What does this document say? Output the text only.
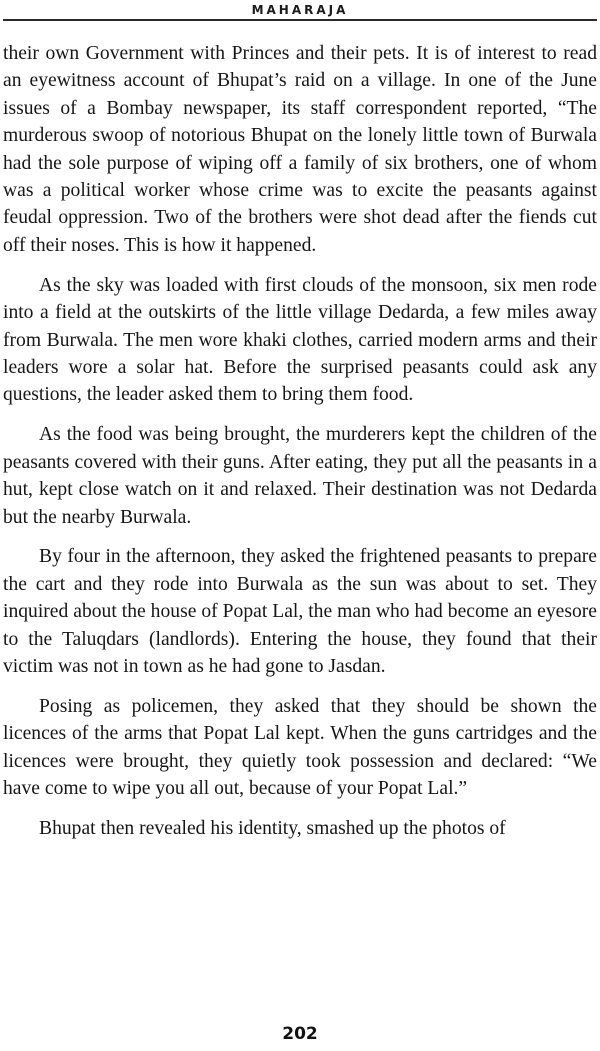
MAHARAJA

their own Government with Princes and their pets. It is of interest to read an eyewitness account of Bhupat’s raid on a village. In one of the June issues of a Bombay newspaper, its staff correspondent reported, “The murderous swoop of notorious Bhupat on the lonely little town of Burwala had the sole purpose of wiping off a family of six brothers, one of whom was a political worker whose crime was to excite the peasants against feudal oppression. Two of the brothers were shot dead after the fiends cut off their noses. This is how it happened.

As the sky was loaded with first clouds of the monsoon, six men rode into a field at the outskirts of the little village Dedarda, a few miles away from Burwala. The men wore khaki clothes, carried modern arms and their leaders wore a solar hat. Before the surprised peasants could ask any questions, the leader asked them to bring them food.

As the food was being brought, the murderers kept the children of the peasants covered with their guns. After eating, they put all the peasants in a hut, kept close watch on it and relaxed. Their destination was not Dedarda but the nearby Burwala.

By four in the afternoon, they asked the frightened peasants to prepare the cart and they rode into Burwala as the sun was about to set. They inquired about the house of Popat Lal, the man who had become an eyesore to the Taluqdars (landlords). Entering the house, they found that their victim was not in town as he had gone to Jasdan.

Posing as policemen, they asked that they should be shown the licences of the arms that Popat Lal kept. When the guns cartridges and the licences were brought, they quietly took possession and declared: “We have come to wipe you all out, because of your Popat Lal.”

Bhupat then revealed his identity, smashed up the photos of

202
